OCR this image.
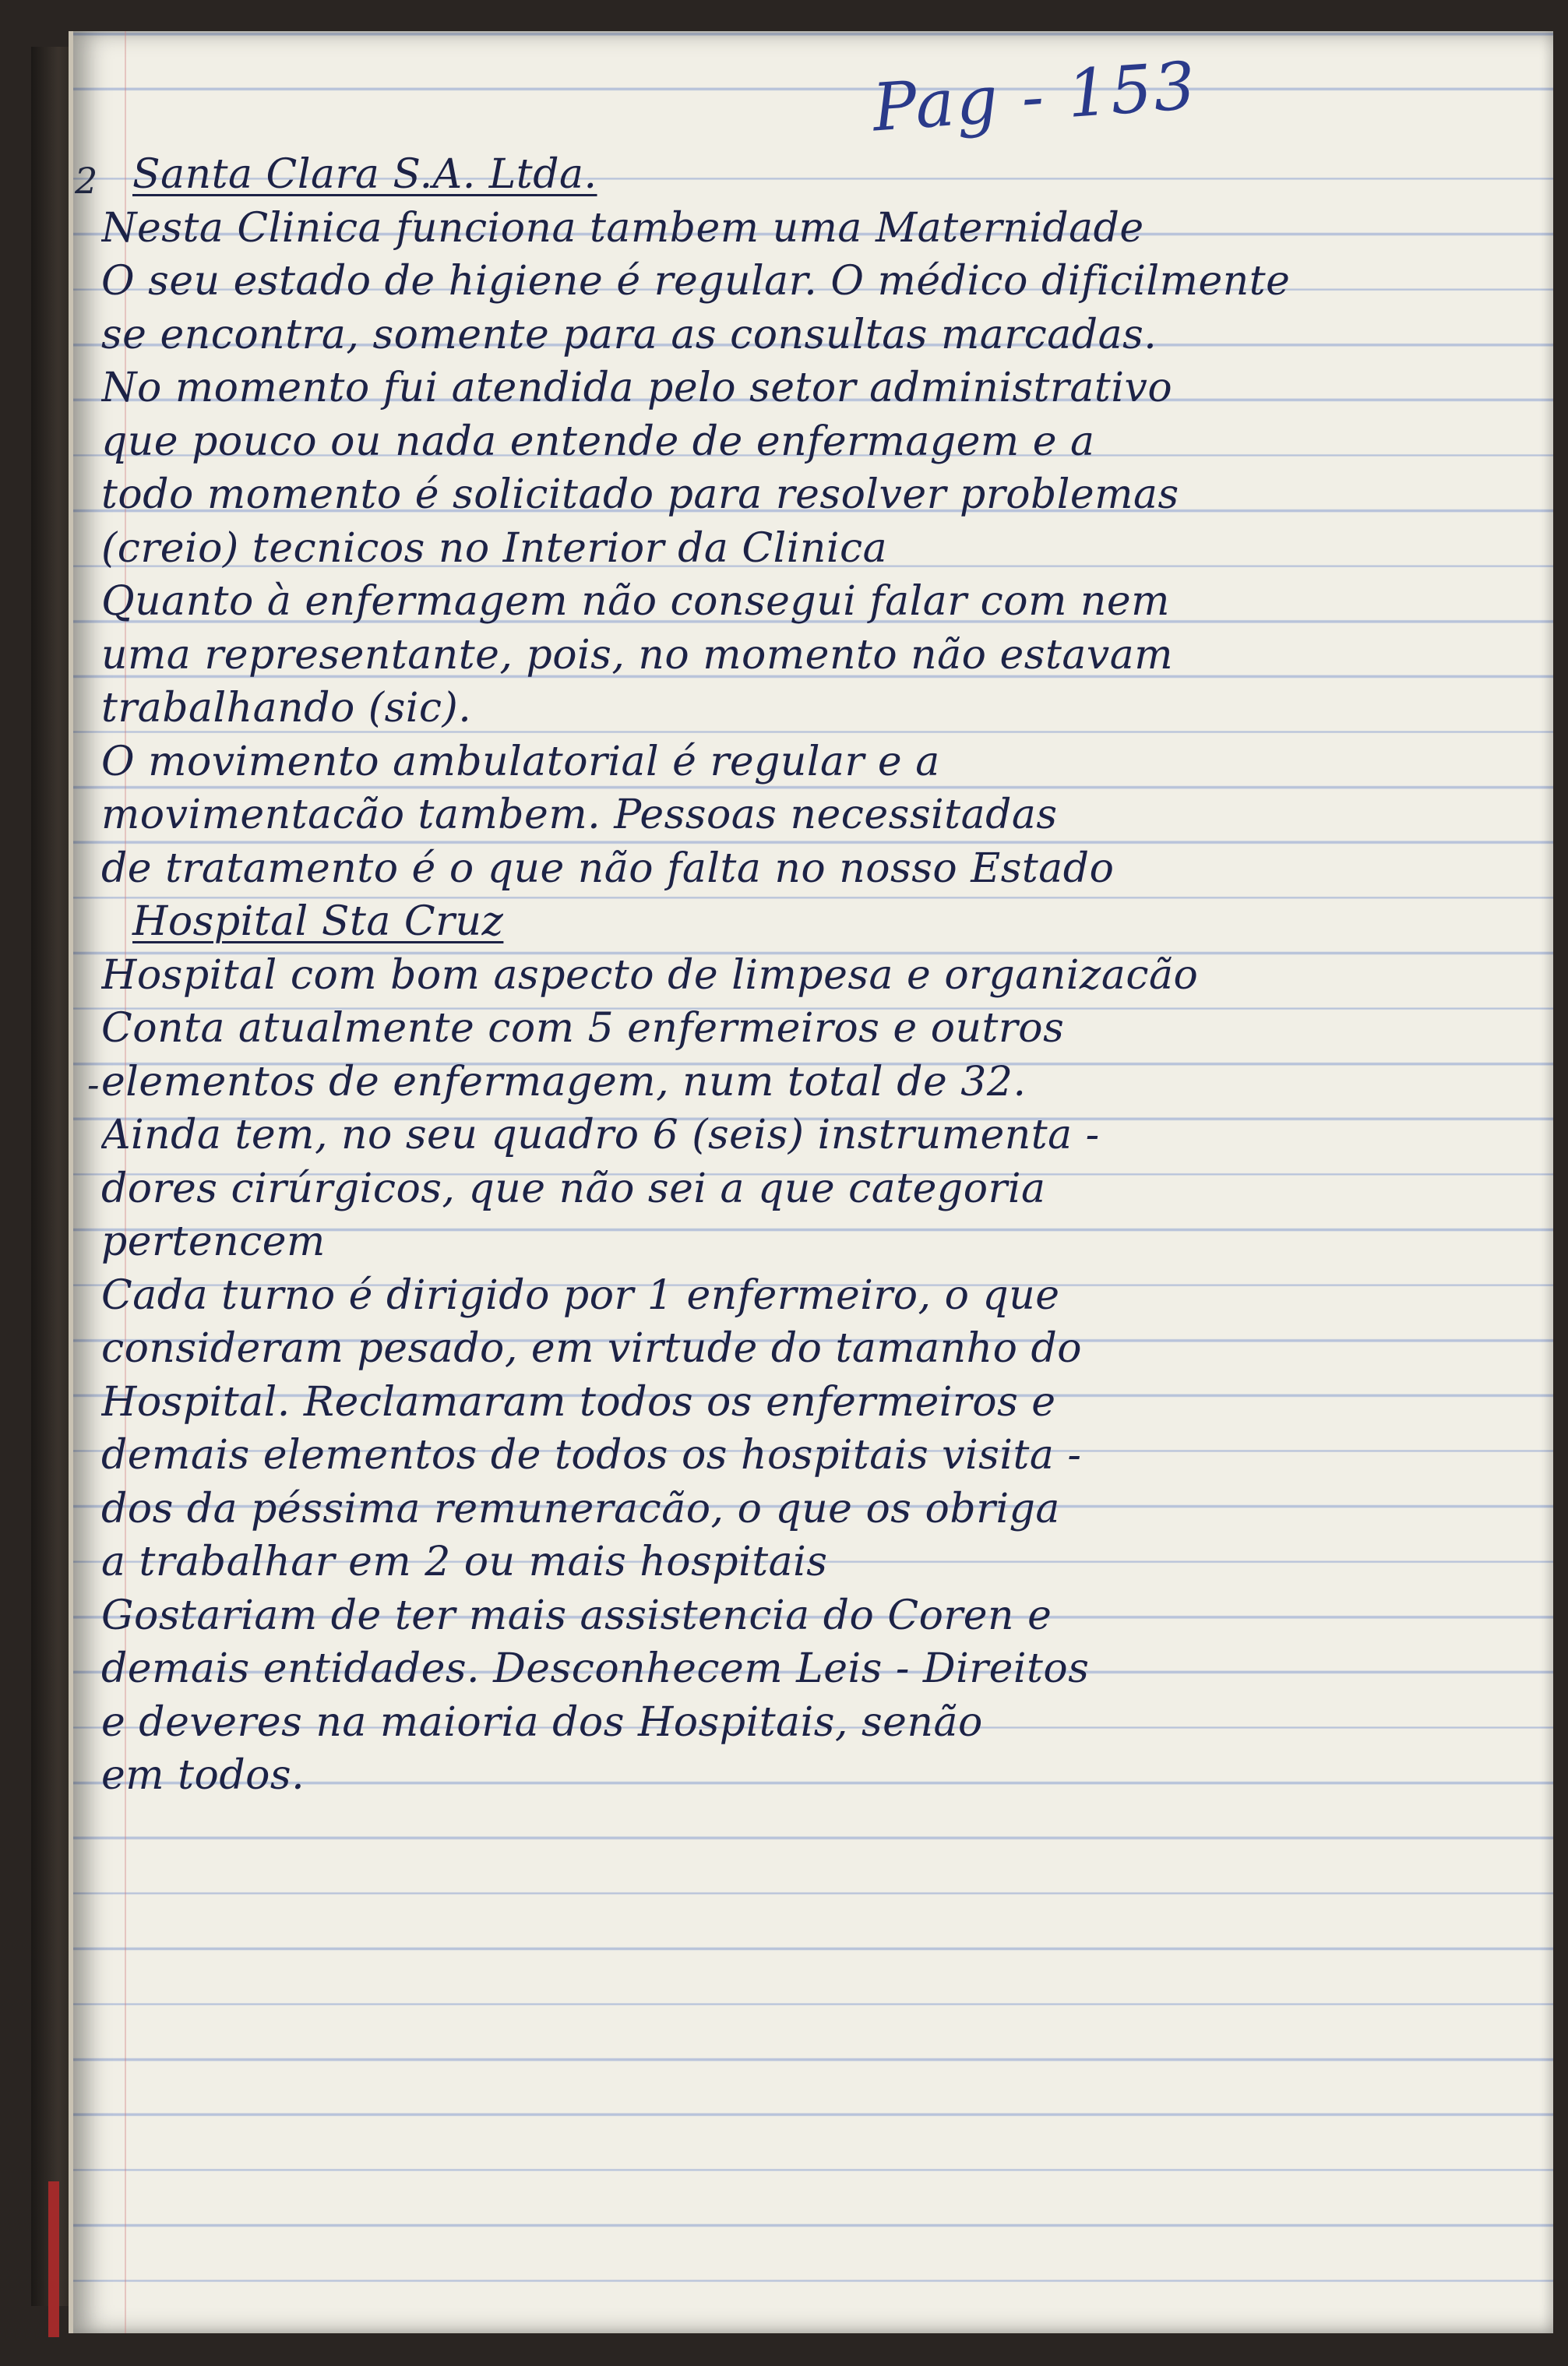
Pag - 153
2
-
Santa Clara S.A. Ltda.
Nesta Clinica funciona tambem uma Maternidade
O seu estado de higiene é regular. O médico dificilmente
se encontra, somente para as consultas marcadas.
No momento fui atendida pelo setor administrativo
que pouco ou nada entende de enfermagem e a
todo momento é solicitado para resolver problemas
(creio) tecnicos no Interior da Clinica
Quanto à enfermagem não consegui falar com nem
uma representante, pois, no momento não estavam
trabalhando (sic).
O movimento ambulatorial é regular e a
movimentacão tambem. Pessoas necessitadas
de tratamento é o que não falta no nosso Estado
Hospital Sta Cruz
Hospital com bom aspecto de limpesa e organizacão
Conta atualmente com 5 enfermeiros e outros
elementos de enfermagem, num total de 32.
Ainda tem, no seu quadro 6 (seis) instrumenta -
dores cirúrgicos, que não sei a que categoria
pertencem
Cada turno é dirigido por 1 enfermeiro, o que
consideram pesado, em virtude do tamanho do
Hospital. Reclamaram todos os enfermeiros e
demais elementos de todos os hospitais visita -
dos da péssima remuneracão, o que os obriga
a trabalhar em 2 ou mais hospitais
Gostariam de ter mais assistencia do Coren e
demais entidades. Desconhecem Leis - Direitos
e deveres na maioria dos Hospitais, senão
em todos.
